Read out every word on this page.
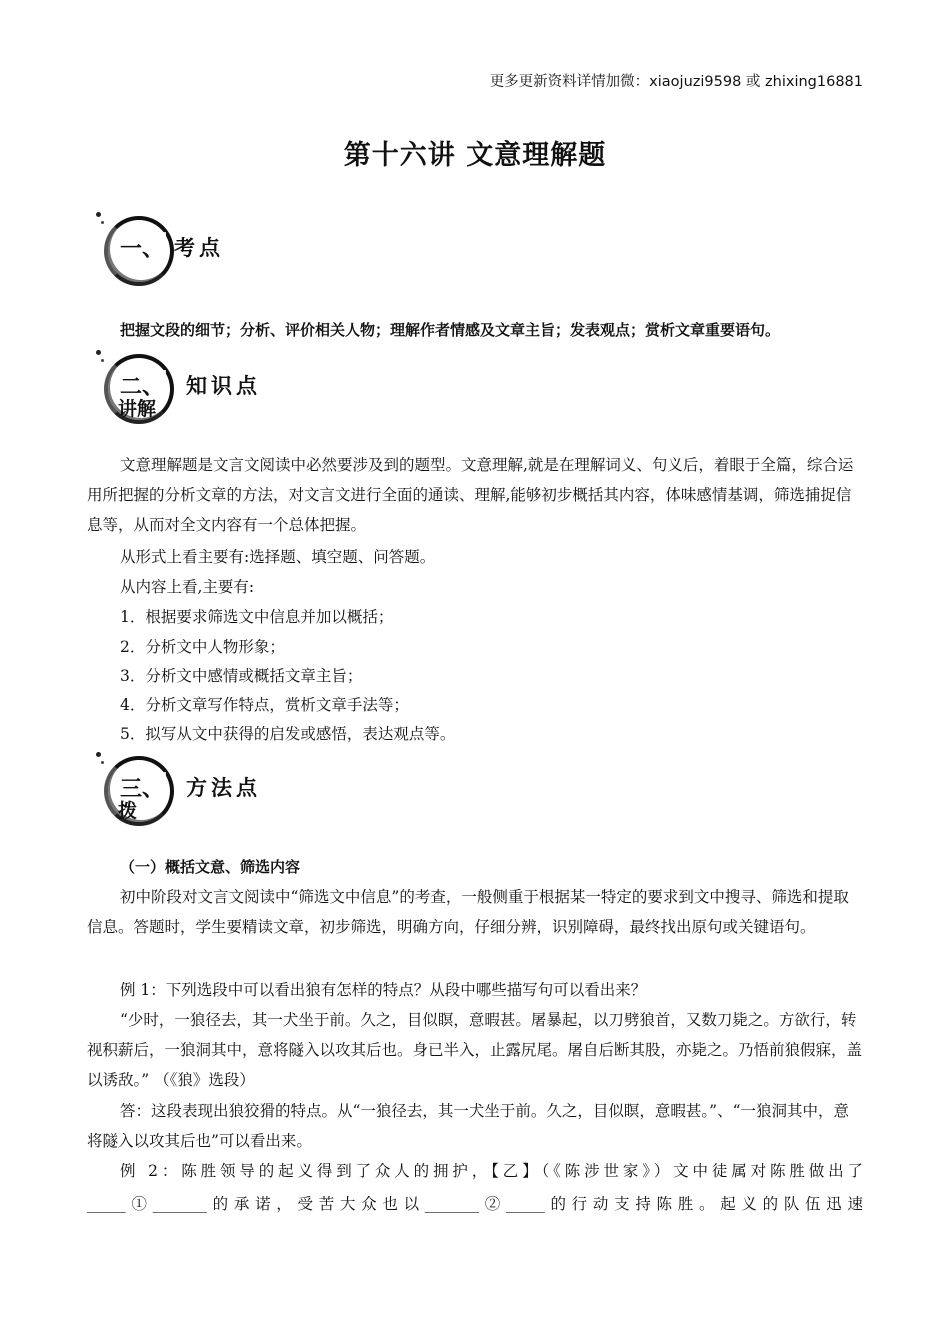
更多更新资料详情加微：xiaojuzi9598 或 zhixing16881
第十六讲 文意理解题
一、 考点
把握文段的细节；分析、评价相关人物；理解作者情感及文章主旨；发表观点；赏析文章重要语句。
二、
讲解
知识点

文意理解题是文言文阅读中必然要涉及到的题型。文意理解,就是在理解词义、句义后，着眼于全篇，综合运用所把握的分析文章的方法，对文言文进行全面的通读、理解,能够初步概括其内容，体味感情基调，筛选捕捉信息等，从而对全文内容有一个总体把握。

从形式上看主要有:选择题、填空题、问答题。
从内容上看,主要有:
1．根据要求筛选文中信息并加以概括；
2．分析文中人物形象；
3．分析文中感情或概括文章主旨；
4．分析文章写作特点，赏析文章手法等；
5．拟写从文中获得的启发或感悟，表达观点等。
三、
拨
方法点
（一）概括文意、筛选内容

初中阶段对文言文阅读中“筛选文中信息”的考查，一般侧重于根据某一特定的要求到文中搜寻、筛选和提取信息。答题时，学生要精读文章，初步筛选，明确方向，仔细分辨，识别障碍，最终找出原句或关键语句。

例 1：下列选段中可以看出狼有怎样的特点？从段中哪些描写句可以看出来？

“少时，一狼径去，其一犬坐于前。久之，目似瞑，意暇甚。屠暴起，以刀劈狼首，又数刀毙之。方欲行，转视积薪后，一狼洞其中，意将隧入以攻其后也。身已半入，止露尻尾。屠自后断其股，亦毙之。乃悟前狼假寐，盖以诱敌。” （《狼》选段）

答：这段表现出狼狡猾的特点。从“一狼径去，其一犬坐于前。久之，目似瞑，意暇甚。”、“一狼洞其中，意将隧入以攻其后也”可以看出来。

例 2：陈胜领导的起义得到了众人的拥护，【乙】（《陈涉世家》）文中徒属对陈胜做出了
_____①_______的承诺，受苦大众也以_______②_____的行动支持陈胜。起义的队伍迅速
